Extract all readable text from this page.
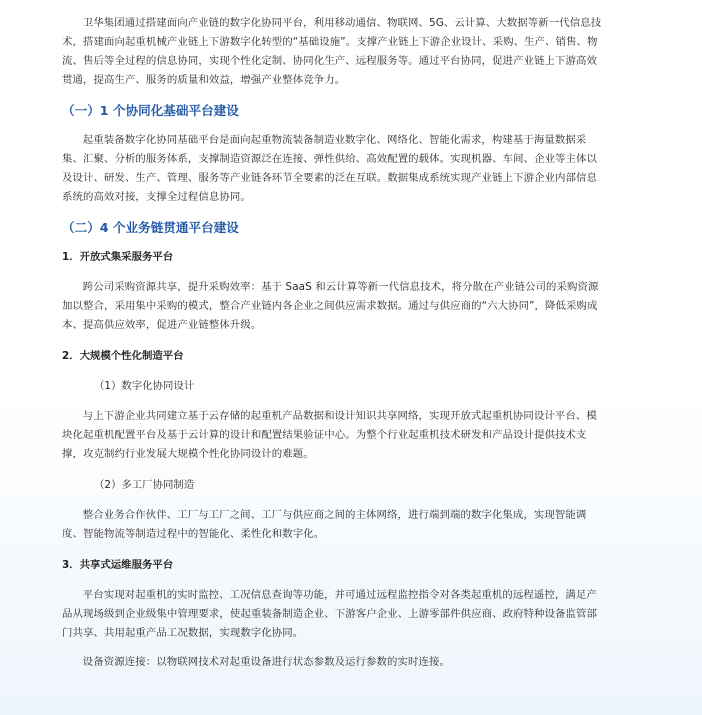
卫华集团通过搭建面向产业链的数字化协同平台，利用移动通信、物联网、5G、云计算、大数据等新一代信息技术，搭建面向起重机械产业链上下游数字化转型的“基础设施”。支撑产业链上下游企业设计、采购、生产、销售、物流、售后等全过程的信息协同，实现个性化定制、协同化生产、远程服务等。通过平台协同，促进产业链上下游高效贯通，提高生产、服务的质量和效益，增强产业整体竞争力。

（一）1 个协同化基础平台建设

起重装备数字化协同基础平台是面向起重物流装备制造业数字化、网络化、智能化需求，构建基于海量数据采集、汇聚、分析的服务体系，支撑制造资源泛在连接、弹性供给、高效配置的载体。实现机器、车间、企业等主体以及设计、研发、生产、管理、服务等产业链各环节全要素的泛在互联。数据集成系统实现产业链上下游企业内部信息系统的高效对接，支撑全过程信息协同。

（二）4 个业务链贯通平台建设
1．开放式集采服务平台

跨公司采购资源共享，提升采购效率：基于 SaaS 和云计算等新一代信息技术，将分散在产业链公司的采购资源加以整合，采用集中采购的模式，整合产业链内各企业之间供应需求数据。通过与供应商的“六大协同”，降低采购成本、提高供应效率，促进产业链整体升级。

2．大规模个性化制造平台

（1）数字化协同设计

与上下游企业共同建立基于云存储的起重机产品数据和设计知识共享网络，实现开放式起重机协同设计平台、模块化起重机配置平台及基于云计算的设计和配置结果验证中心。为整个行业起重机技术研发和产品设计提供技术支撑，攻克制约行业发展大规模个性化协同设计的难题。

（2）多工厂协同制造

整合业务合作伙伴、工厂与工厂之间、工厂与供应商之间的主体网络，进行端到端的数字化集成，实现智能调度、智能物流等制造过程中的智能化、柔性化和数字化。

3．共享式运维服务平台

平台实现对起重机的实时监控、工况信息查询等功能，并可通过远程监控指令对各类起重机的远程遥控，满足产品从现场级到企业级集中管理要求，使起重装备制造企业、下游客户企业、上游零部件供应商、政府特种设备监管部门共享、共用起重产品工况数据，实现数字化协同。

设备资源连接：以物联网技术对起重设备进行状态参数及运行参数的实时连接。
